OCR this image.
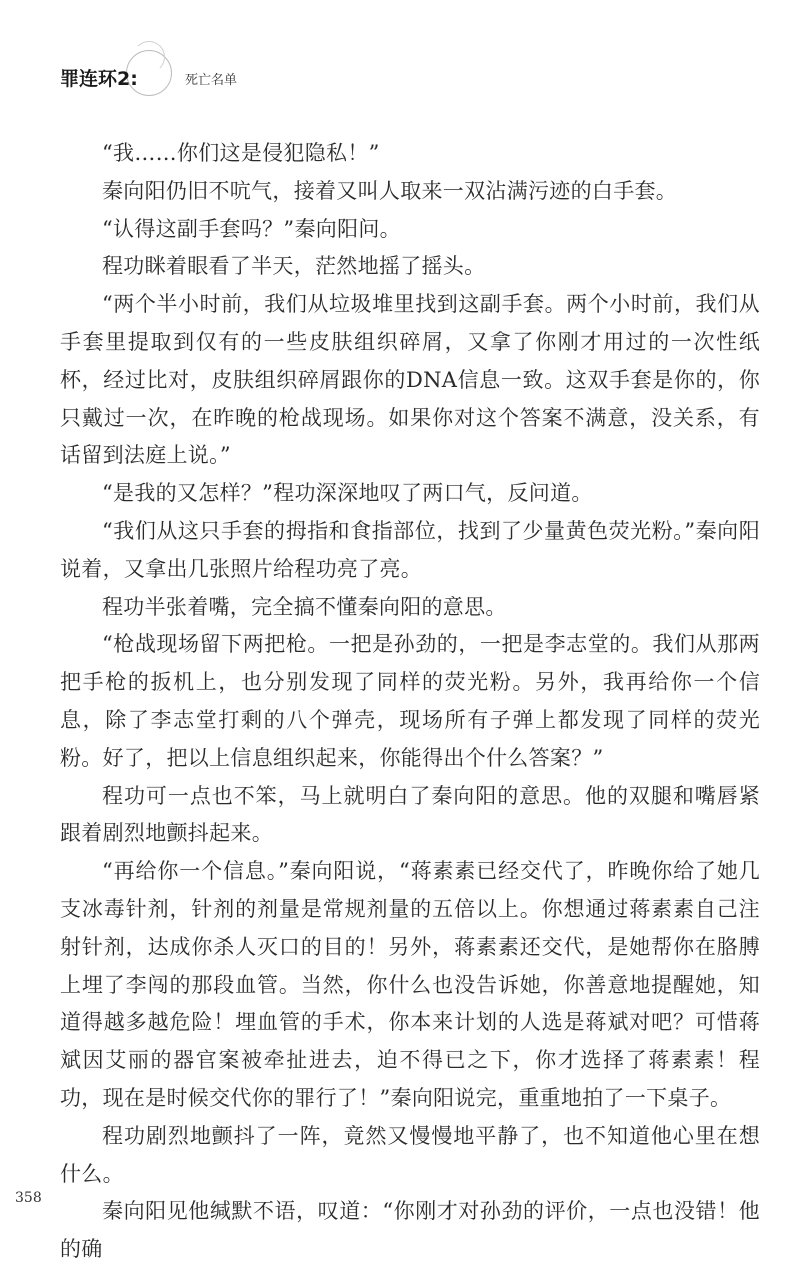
罪连环2:	死亡名单

“我……你们这是侵犯隐私！”

秦向阳仍旧不吭气，接着又叫人取来一双沾满污迹的白手套。

“认得这副手套吗？”秦向阳问。

程功眯着眼看了半天，茫然地摇了摇头。

“两个半小时前，我们从垃圾堆里找到这副手套。两个小时前，我们从手套里提取到仅有的一些皮肤组织碎屑，又拿了你刚才用过的一次性纸杯，经过比对，皮肤组织碎屑跟你的DNA信息一致。这双手套是你的，你只戴过一次，在昨晚的枪战现场。如果你对这个答案不满意，没关系，有话留到法庭上说。”

“是我的又怎样？”程功深深地叹了两口气，反问道。

“我们从这只手套的拇指和食指部位，找到了少量黄色荧光粉。”秦向阳说着，又拿出几张照片给程功亮了亮。

程功半张着嘴，完全搞不懂秦向阳的意思。

“枪战现场留下两把枪。一把是孙劲的，一把是李志堂的。我们从那两把手枪的扳机上，也分别发现了同样的荧光粉。另外，我再给你一个信息，除了李志堂打剩的八个弹壳，现场所有子弹上都发现了同样的荧光粉。好了，把以上信息组织起来，你能得出个什么答案？”

程功可一点也不笨，马上就明白了秦向阳的意思。他的双腿和嘴唇紧跟着剧烈地颤抖起来。

“再给你一个信息。”秦向阳说，“蒋素素已经交代了，昨晚你给了她几支冰毒针剂，针剂的剂量是常规剂量的五倍以上。你想通过蒋素素自己注射针剂，达成你杀人灭口的目的！另外，蒋素素还交代，是她帮你在胳膊上埋了李闯的那段血管。当然，你什么也没告诉她，你善意地提醒她，知道得越多越危险！埋血管的手术，你本来计划的人选是蒋斌对吧？可惜蒋斌因艾丽的器官案被牵扯进去，迫不得已之下，你才选择了蒋素素！程功，现在是时候交代你的罪行了！”秦向阳说完，重重地拍了一下桌子。

程功剧烈地颤抖了一阵，竟然又慢慢地平静了，也不知道他心里在想什么。

秦向阳见他缄默不语，叹道：“你刚才对孙劲的评价，一点也没错！他的确

358
